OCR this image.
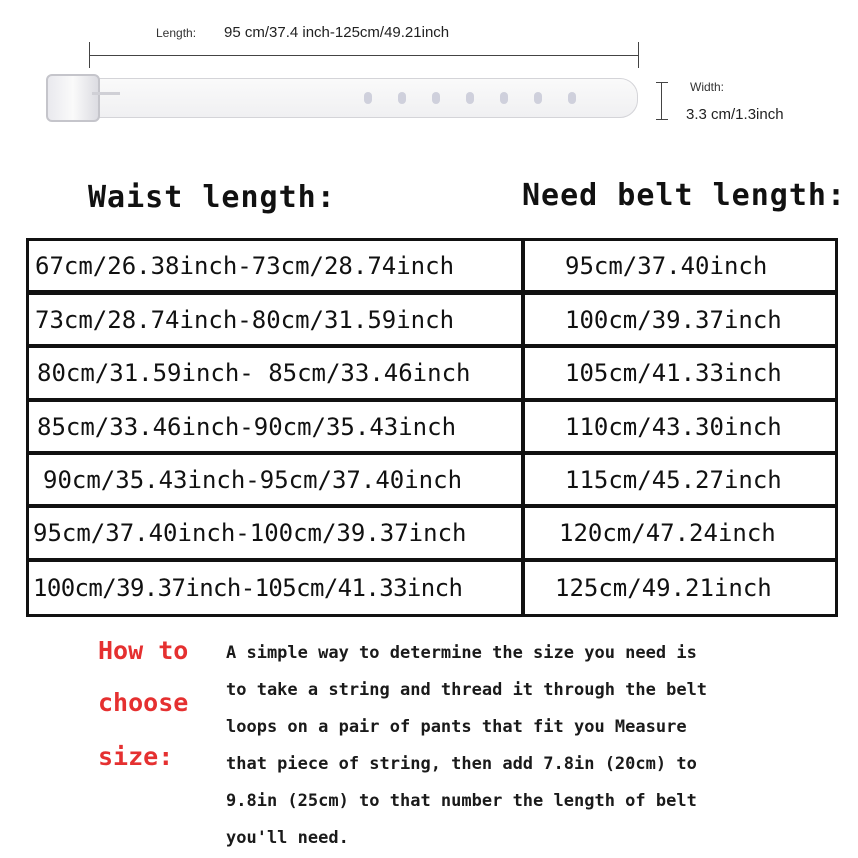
Length: 95 cm/37.4 inch-125cm/49.21inch
Width:
3.3 cm/1.3inch
Waist length:	Need belt length:
67cm/26.38inch-73cm/28.74inch	95cm/37.40inch
73cm/28.74inch-80cm/31.59inch	100cm/39.37inch
80cm/31.59inch- 85cm/33.46inch	105cm/41.33inch
85cm/33.46inch-90cm/35.43inch	110cm/43.30inch
90cm/35.43inch-95cm/37.40inch	115cm/45.27inch
95cm/37.40inch-100cm/39.37inch	120cm/47.24inch
100cm/39.37inch-105cm/41.33inch	125cm/49.21inch
How to
choose
size:
A simple way to determine the size you need is
to take a string and thread it through the belt
loops on a pair of pants that fit you Measure
that piece of string, then add 7.8in (20cm) to
9.8in (25cm) to that number the length of belt
you'll need.
